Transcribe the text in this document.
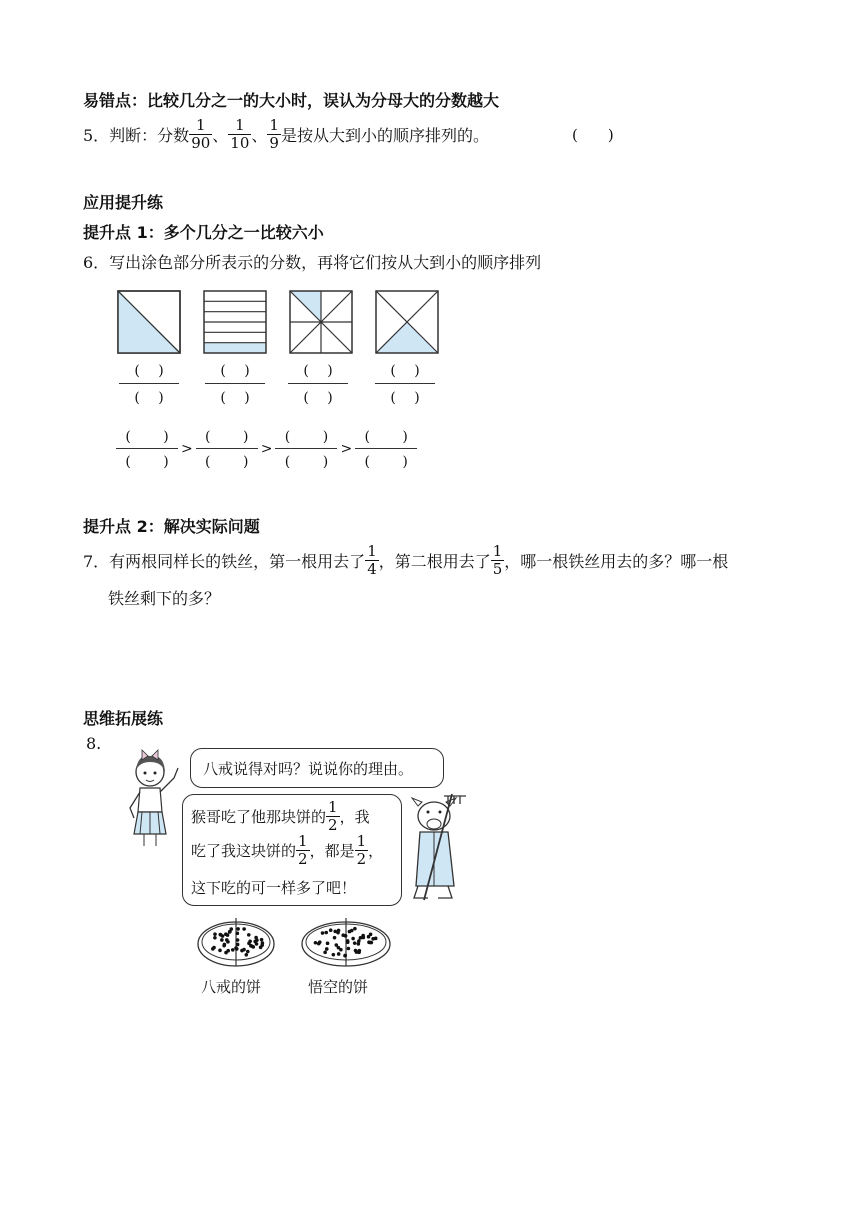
易错点：比较几分之一的大小时，误认为分母大的分数越大
5．判断：分数 $\frac{1}{90}$ 、 $\frac{1}{10}$ 、 $\frac{1}{9}$ 是按从大到小的顺序排列的。	(　　)
应用提升练
提升点 1：多个几分之一比较六小
6．写出涂色部分所表示的分数，再将它们按从大到小的顺序排列
(　 )
(　 )
(　 )
(　 )
(　 )
(　 )
(　 )
(　 )
(　　 )
(　　 )
>
(　　 )
(　　 )
>
(　　 )
(　　 )
>
(　　 )
(　　 )
提升点 2：解决实际问题
7．有两根同样长的铁丝，第一根用去了 $\frac{1}{4}$ ，第二根用去了 $\frac{1}{5}$ ，哪一根铁丝用去的多？哪一根
铁丝剩下的多？
思维拓展练
8.
八戒说得对吗？说说你的理由。
猴哥吃了他那块饼的 $\frac{1}{2}$ ，我
吃了我这块饼的 $\frac{1}{2}$ ，都是 $\frac{1}{2}$ ，
这下吃的可一样多了吧！
八戒的饼	悟空的饼
